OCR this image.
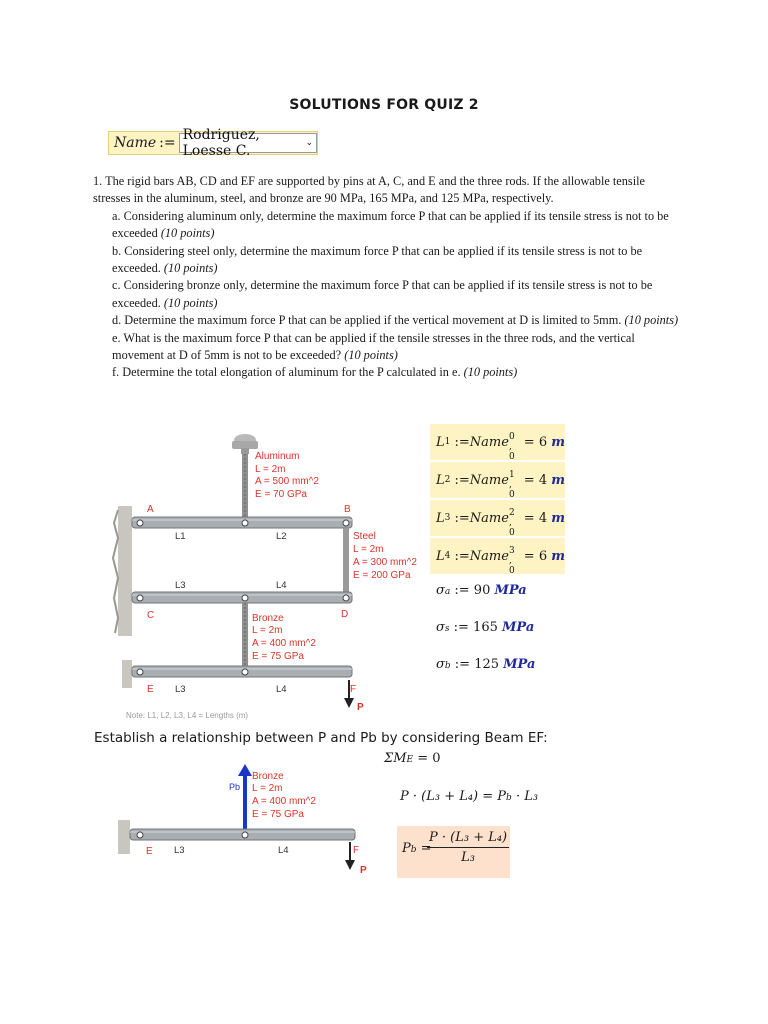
SOLUTIONS FOR QUIZ 2
Name := Rodriguez, Loesse C.	⌄

1. The rigid bars AB, CD and EF are supported by pins at A, C, and E and the three rods. If the allowable tensile stresses in the aluminum, steel, and bronze are 90 MPa, 165 MPa, and 125 MPa, respectively.

a. Considering aluminum only, determine the maximum force P that can be applied if its tensile stress is not to be exceeded (10 points)

b. Considering steel only, determine the maximum force P that can be applied if its tensile stress is not to be exceeded. (10 points)

c. Considering bronze only, determine the maximum force P that can be applied if its tensile stress is not to be exceeded. (10 points)

d. Determine the maximum force P that can be applied if the vertical movement at D is limited to 5mm. (10 points)

e. What is the maximum force P that can be applied if the tensile stresses in the three rods, and the vertical movement at D of 5mm is not to be exceeded? (10 points)

f. Determine the total elongation of aluminum for the P calculated in e. (10 points)

Aluminum
L = 2m
A = 500 mm^2
E = 70 GPa
Steel
L = 2m
A = 300 mm^2
E = 200 GPa
Bronze
L = 2m
A = 400 mm^2
E = 75 GPa
A	B
C	D
E	F
P
L1	L2
L3	L4
L3	L4
Note: L1, L2, L3, L4 = Lengths (m)
L 1 := Name 0 , 0
= 6
m
L 2 := Name 1 , 0
= 4
m
L 3 := Name 2 , 0
= 4
m
L 4 := Name 3 , 0
= 6
m
σa := 90 MPa
σs := 165 MPa
σb := 125 MPa
Establish a relationship between P and Pb by considering Beam EF:
ΣME = 0
P · (L₃ + L₄) = Pb · L₃
Pb =
$\frac{\text{P · (L₃ + L₄)}}{\text{L₃}}$
Bronze
L = 2m
A = 400 mm^2
E = 75 GPa
E	F
P
Pb
L3	L4
